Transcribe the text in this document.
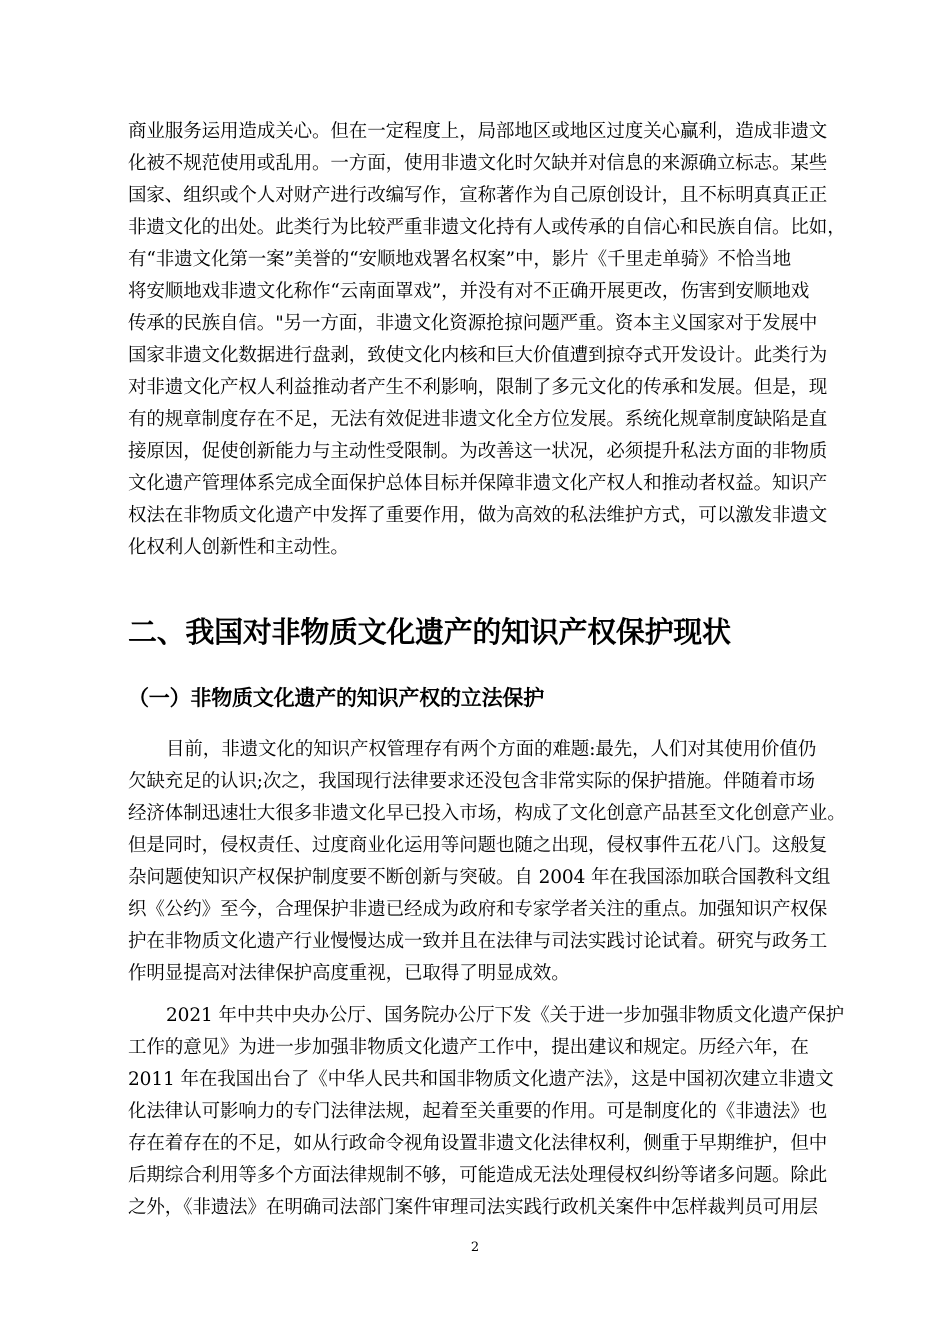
商业服务运用造成关心。但在一定程度上，局部地区或地区过度关心赢利，造成非遗文
化被不规范使用或乱用。一方面，使用非遗文化时欠缺并对信息的来源确立标志。某些
国家、组织或个人对财产进行改编写作，宣称著作为自己原创设计，且不标明真真正正
非遗文化的出处。此类行为比较严重非遗文化持有人或传承的自信心和民族自信。比如，
有“非遗文化第一案”美誉的“安顺地戏署名权案”中，影片《千里走单骑》不恰当地
将安顺地戏非遗文化称作“云南面罩戏”，并没有对不正确开展更改，伤害到安顺地戏
传承的民族自信。"另一方面，非遗文化资源抢掠问题严重。资本主义国家对于发展中
国家非遗文化数据进行盘剥，致使文化内核和巨大价值遭到掠夺式开发设计。此类行为
对非遗文化产权人利益推动者产生不利影响，限制了多元文化的传承和发展。但是，现
有的规章制度存在不足，无法有效促进非遗文化全方位发展。系统化规章制度缺陷是直
接原因，促使创新能力与主动性受限制。为改善这一状况，必须提升私法方面的非物质
文化遗产管理体系完成全面保护总体目标并保障非遗文化产权人和推动者权益。知识产
权法在非物质文化遗产中发挥了重要作用，做为高效的私法维护方式，可以激发非遗文
化权利人创新性和主动性。
二、我国对非物质文化遗产的知识产权保护现状
（一）非物质文化遗产的知识产权的立法保护
目前，非遗文化的知识产权管理存有两个方面的难题:最先，人们对其使用价值仍
欠缺充足的认识;次之，我国现行法律要求还没包含非常实际的保护措施。伴随着市场
经济体制迅速壮大很多非遗文化早已投入市场，构成了文化创意产品甚至文化创意产业。
但是同时，侵权责任、过度商业化运用等问题也随之出现，侵权事件五花八门。这般复
杂问题使知识产权保护制度要不断创新与突破。自 2004 年在我国添加联合国教科文组
织《公约》至今，合理保护非遗已经成为政府和专家学者关注的重点。加强知识产权保
护在非物质文化遗产行业慢慢达成一致并且在法律与司法实践讨论试着。研究与政务工
作明显提高对法律保护高度重视，已取得了明显成效。
2021 年中共中央办公厅、国务院办公厅下发《关于进一步加强非物质文化遗产保护
工作的意见》为进一步加强非物质文化遗产工作中，提出建议和规定。历经六年，在
2011 年在我国出台了《中华人民共和国非物质文化遗产法》，这是中国初次建立非遗文
化法律认可影响力的专门法律法规，起着至关重要的作用。可是制度化的《非遗法》也
存在着存在的不足，如从行政命令视角设置非遗文化法律权利，侧重于早期维护，但中
后期综合利用等多个方面法律规制不够，可能造成无法处理侵权纠纷等诸多问题。除此
之外，《非遗法》在明确司法部门案件审理司法实践行政机关案件中怎样裁判员可用层
2
